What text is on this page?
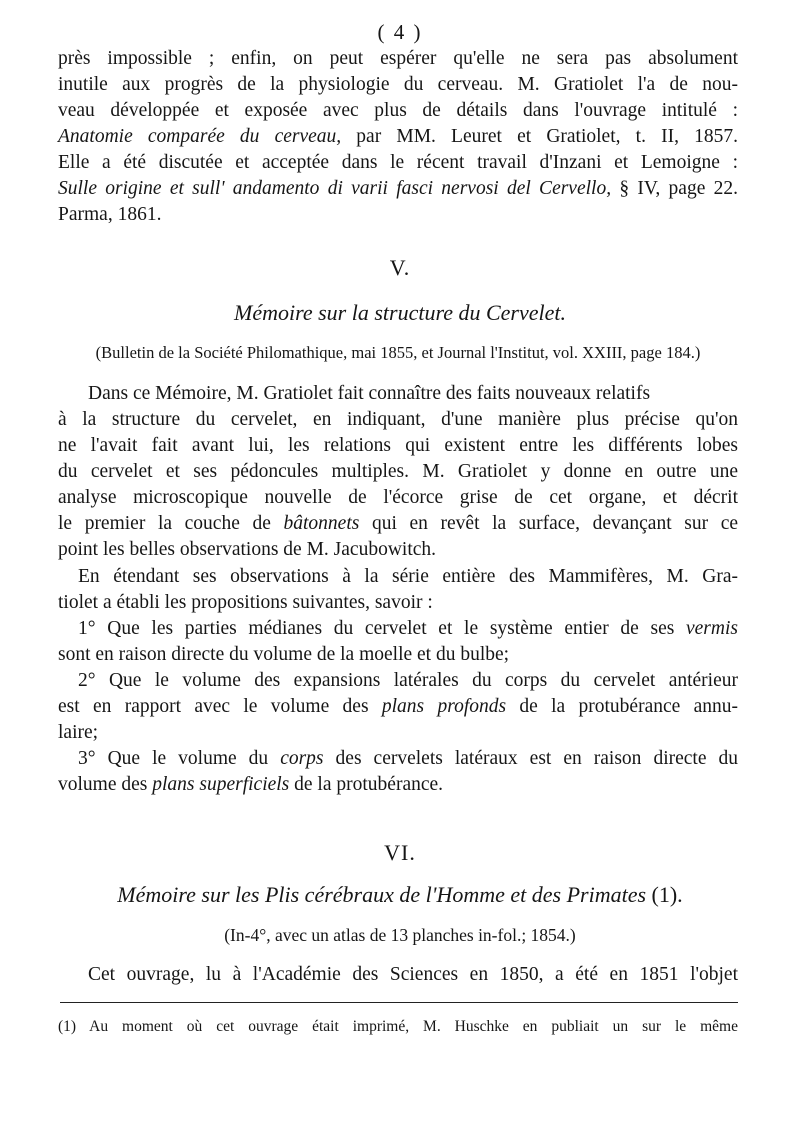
( 4 )
près impossible ; enfin, on peut espérer qu'elle ne sera pas absolument
inutile aux progrès de la physiologie du cerveau. M. Gratiolet l'a de nou-
veau développée et exposée avec plus de détails dans l'ouvrage intitulé :
Anatomie comparée du cerveau, par MM. Leuret et Gratiolet, t. II, 1857.
Elle a été discutée et acceptée dans le récent travail d'Inzani et Lemoigne :
Sulle origine et sull' andamento di varii fasci nervosi del Cervello, § IV, page 22.
Parma, 1861.
V.
Mémoire sur la structure du Cervelet.
(Bulletin de la Société Philomathique, mai 1855, et Journal l'Institut, vol. XXIII, page 184.)
Dans ce Mémoire, M. Gratiolet fait connaître des faits nouveaux relatifs
à la structure du cervelet, en indiquant, d'une manière plus précise qu'on
ne l'avait fait avant lui, les relations qui existent entre les différents lobes
du cervelet et ses pédoncules multiples. M. Gratiolet y donne en outre une
analyse microscopique nouvelle de l'écorce grise de cet organe, et décrit
le premier la couche de bâtonnets qui en revêt la surface, devançant sur ce
point les belles observations de M. Jacubowitch.
En étendant ses observations à la série entière des Mammifères, M. Gra-
tiolet a établi les propositions suivantes, savoir :
1° Que les parties médianes du cervelet et le système entier de ses vermis
sont en raison directe du volume de la moelle et du bulbe;
2° Que le volume des expansions latérales du corps du cervelet antérieur
est en rapport avec le volume des plans profonds de la protubérance annu-
laire;
3° Que le volume du corps des cervelets latéraux est en raison directe du
volume des plans superficiels de la protubérance.
VI.
Mémoire sur les Plis cérébraux de l'Homme et des Primates (1).
(In-4°, avec un atlas de 13 planches in-fol.; 1854.)
Cet ouvrage, lu à l'Académie des Sciences en 1850, a été en 1851 l'objet
(1) Au moment où cet ouvrage était imprimé, M. Huschke en publiait un sur le même
